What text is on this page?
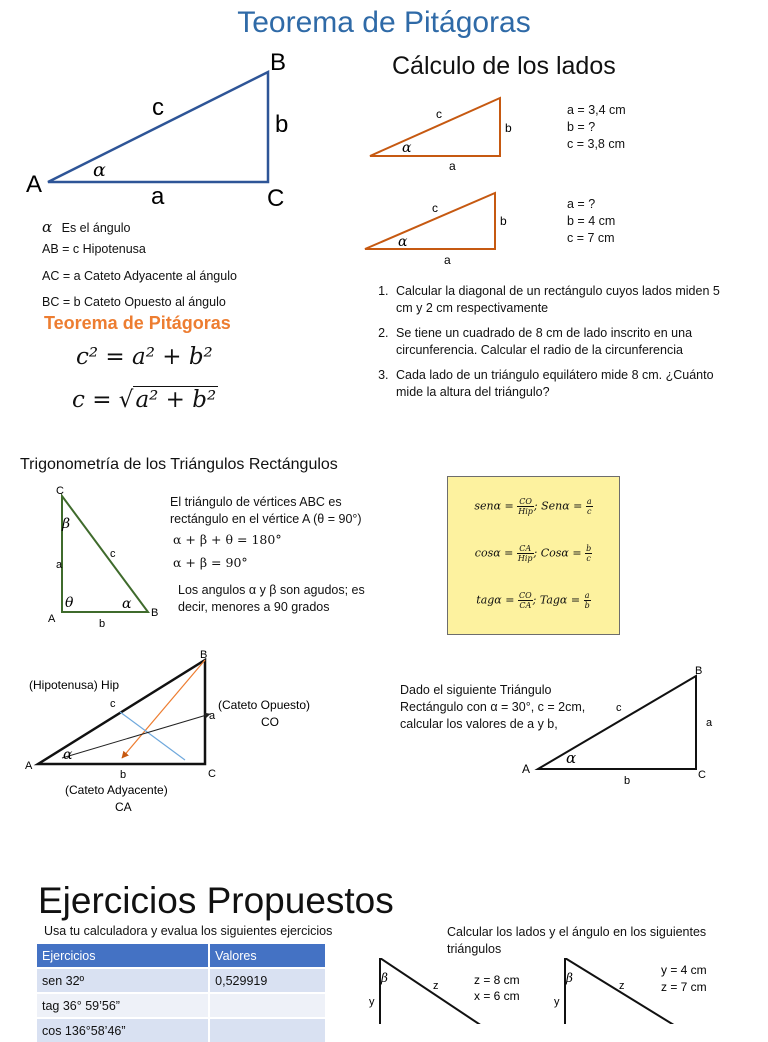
Teorema de Pitágoras
B
A
C
c
b
a
α
α Es el ángulo
AB = c Hipotenusa
AC = a Cateto Adyacente al ángulo
BC = b Cateto Opuesto al ángulo
Teorema de Pitágoras
c² = a² + b²
c = √a² + b²
Cálculo de los lados
c
b
a
α
a = 3,4 cm
b = ?
c = 3,8 cm
c
b
a
α
a = ?
b = 4 cm
c = 7 cm
1. Calcular la diagonal de un rectángulo cuyos lados miden 5 cm y 2 cm respectivamente
2. Se tiene un cuadrado de 8 cm de lado inscrito en una circunferencia. Calcular el radio de la circunferencia
3. Cada lado de un triángulo equilátero mide 8 cm. ¿Cuánto mide la altura del triángulo?
Trigonometría de los Triángulos Rectángulos
C
A	B
a
c
b
β
θ	α
El triángulo de vértices ABC es rectángulo en el vértice A (θ = 90°)
α + β + θ = 180°
α + β = 90°
Los angulos α y β son agudos; es decir, menores a 90 grados
$sen\alpha = \frac{CO}{\text{Hip}}$ ; $Sen\alpha = \frac{a}{c}$
$\cos\alpha = \frac{CA}{\text{Hip}}$ ; $Cos\alpha = \frac{b}{c}$
$tag\alpha = \frac{CO}{CA}$ ; $Tag\alpha = \frac{a}{b}$
B
A
C
c
a
b
α
(Hipotenusa) Hip
(Cateto Opuesto)
CO
(Cateto Adyacente)
CA
Dado el siguiente Triángulo Rectángulo con α = 30°, c = 2cm, calcular los valores de a y b,
B
A	C
c
a
b
α
Ejercicios Propuestos
Usa tu calculadora y evalua los siguientes ejercicios
Ejercicios	Valores
sen 32º	0,529919
tag 36° 59’56”	
cos 136°58’46”	
Calcular los lados y el ángulo en los siguientes triángulos
β
y
z	z = 8 cm
x = 6 cm
β
y
z
y = 4 cm
z = 7 cm
